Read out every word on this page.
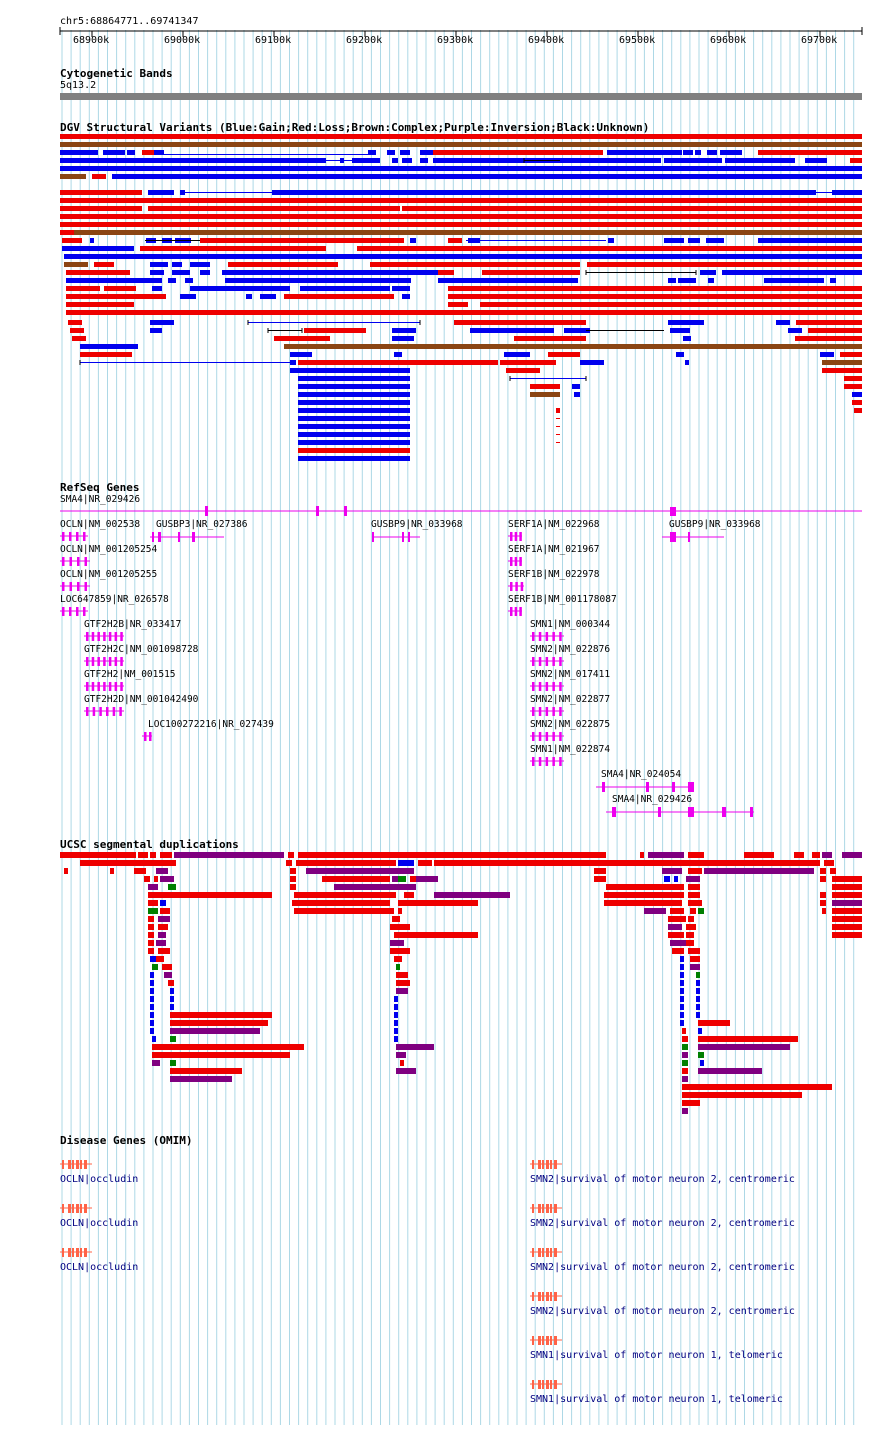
chr5:68864771..69741347
68900k	69000k	69100k	69200k	69300k	69400k	69500k	69600k	69700k
Cytogenetic Bands
5q13.2
DGV Structural Variants (Blue:Gain;Red:Loss;Brown:Complex;Purple:Inversion;Black:Unknown)
RefSeq Genes
SMA4|NR_029426
OCLN|NM_002538 GUSBP3|NR_027386	GUSBP9|NR_033968	SERF1A|NM_022968	GUSBP9|NR_033968
OCLN|NM_001205254	SERF1A|NM_021967
OCLN|NM_001205255	SERF1B|NM_022978
LOC647859|NR_026578	SERF1B|NM_001178087
GTF2H2B|NR_033417	SMN1|NM_000344
GTF2H2C|NM_001098728	SMN2|NM_022876
GTF2H2|NM_001515	SMN2|NM_017411
GTF2H2D|NM_001042490	SMN2|NM_022877
LOC100272216|NR_027439	SMN2|NM_022875
SMN1|NM_022874
SMA4|NR_024054
SMA4|NR_029426
UCSC segmental duplications
Disease Genes (OMIM)
OCLN|occludin
OCLN|occludin
OCLN|occludin
SMN2|survival of motor neuron 2, centromeric
SMN2|survival of motor neuron 2, centromeric
SMN2|survival of motor neuron 2, centromeric
SMN2|survival of motor neuron 2, centromeric
SMN1|survival of motor neuron 1, telomeric
SMN1|survival of motor neuron 1, telomeric
